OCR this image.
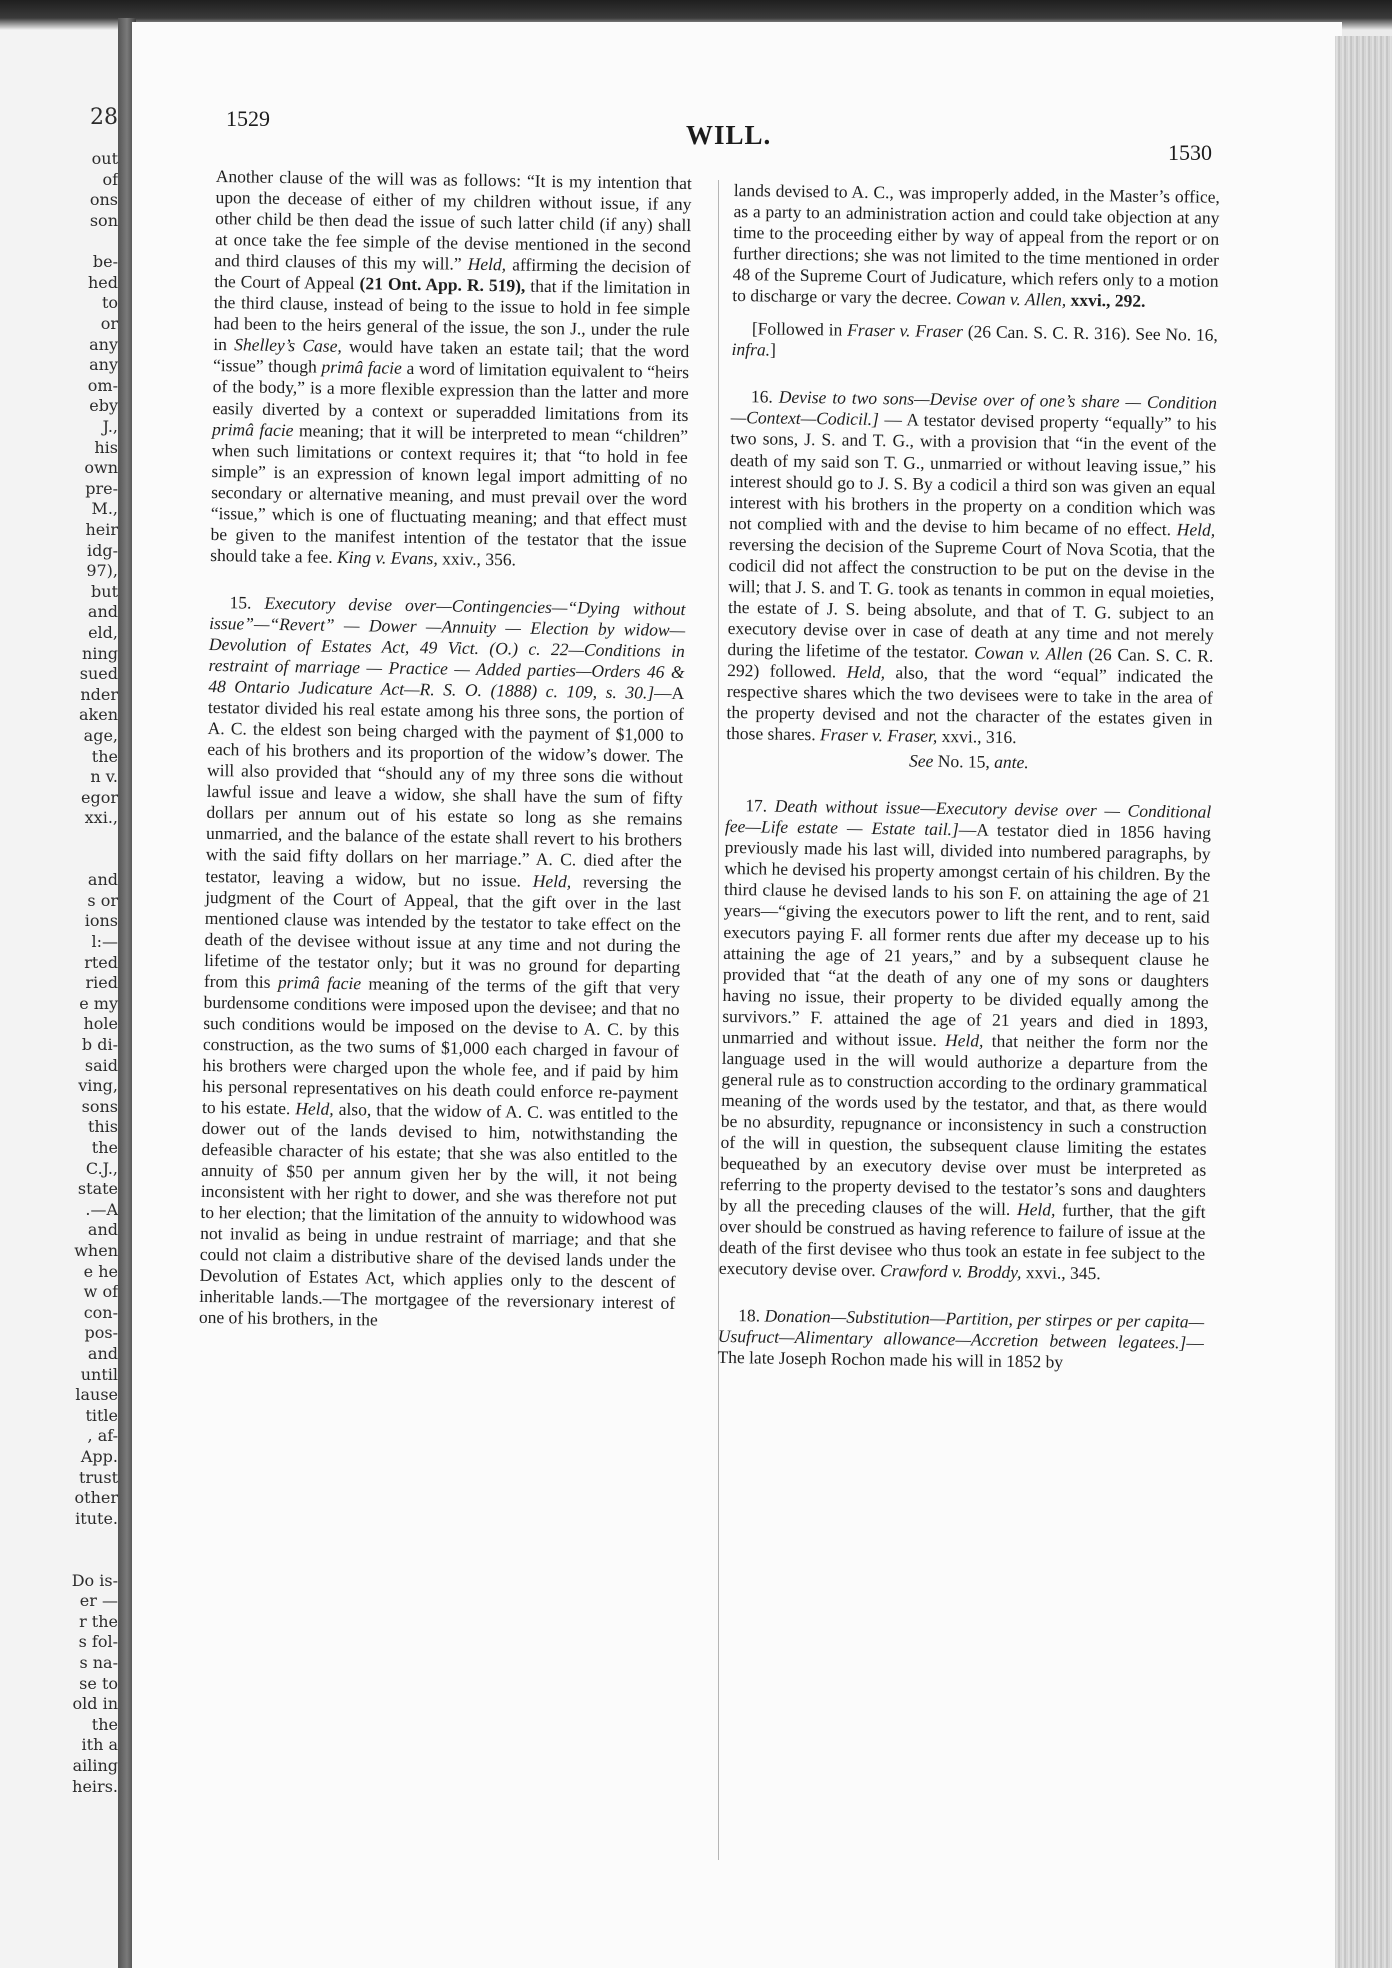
28
out
of
ons
son
be-
hed
to
or
any
any
om-
eby
J.,
his
own
pre-
M.,
heir
idg-
97),
but
and
eld,
ning
sued
nder
aken
age,
the
n v.
egor
xxi.,
and
s or
ions
l:—
rted
ried
e my
hole
b di-
said
ving,
sons
this
the
C.J.,
state
.—A
and
when
e he
w of
con-
pos-
and
until
lause
title
, af-
App.
trust
other
itute.
Do is-
er —
r the
s fol-
s na-
se to
old in
the
ith a
ailing
heirs.
1529
WILL.
1530

Another clause of the will was as follows: “It is my intention that upon the decease of either of my children without issue, if any other child be then dead the issue of such latter child (if any) shall at once take the fee simple of the devise mentioned in the second and third clauses of this my will.” Held, affirming the decision of the Court of Appeal (21 Ont. App. R. 519), that if the limitation in the third clause, instead of being to the issue to hold in fee simple had been to the heirs general of the issue, the son J., under the rule in Shelley’s Case, would have taken an estate tail; that the word “issue” though primâ facie a word of limitation equivalent to “heirs of the body,” is a more flexible expression than the latter and more easily diverted by a context or superadded limitations from its primâ facie meaning; that it will be interpreted to mean “children” when such limitations or context requires it; that “to hold in fee simple” is an expression of known legal import admitting of no secondary or alternative meaning, and must prevail over the word “issue,” which is one of fluctuating meaning; and that effect must be given to the manifest intention of the testator that the issue should take a fee. King v. Evans, xxiv., 356.

15. Executory devise over—Contingencies—“Dying without issue”—“Revert” — Dower —Annuity — Election by widow—Devolution of Estates Act, 49 Vict. (O.) c. 22—Conditions in restraint of marriage — Practice — Added parties—Orders 46 & 48 Ontario Judicature Act—R. S. O. (1888) c. 109, s. 30.]—A testator divided his real estate among his three sons, the portion of A. C. the eldest son being charged with the payment of $1,000 to each of his brothers and its proportion of the widow’s dower. The will also provided that “should any of my three sons die without lawful issue and leave a widow, she shall have the sum of fifty dollars per annum out of his estate so long as she remains unmarried, and the balance of the estate shall revert to his brothers with the said fifty dollars on her marriage.” A. C. died after the testator, leaving a widow, but no issue. Held, reversing the judgment of the Court of Appeal, that the gift over in the last mentioned clause was intended by the testator to take effect on the death of the devisee without issue at any time and not during the lifetime of the testator only; but it was no ground for departing from this primâ facie meaning of the terms of the gift that very burdensome conditions were imposed upon the devisee; and that no such conditions would be imposed on the devise to A. C. by this construction, as the two sums of $1,000 each charged in favour of his brothers were charged upon the whole fee, and if paid by him his personal representatives on his death could enforce re-payment to his estate. Held, also, that the widow of A. C. was entitled to the dower out of the lands devised to him, notwithstanding the defeasible character of his estate; that she was also entitled to the annuity of $50 per annum given her by the will, it not being inconsistent with her right to dower, and she was therefore not put to her election; that the limitation of the annuity to widowhood was not invalid as being in undue restraint of marriage; and that she could not claim a distributive share of the devised lands under the Devolution of Estates Act, which applies only to the descent of inheritable lands.—The mortgagee of the reversionary interest of one of his brothers, in the

lands devised to A. C., was improperly added, in the Master’s office, as a party to an administration action and could take objection at any time to the proceeding either by way of appeal from the report or on further directions; she was not limited to the time mentioned in order 48 of the Supreme Court of Judicature, which refers only to a motion to discharge or vary the decree. Cowan v. Allen, xxvi., 292.

[Followed in Fraser v. Fraser (26 Can. S. C. R. 316). See No. 16, infra.]

16. Devise to two sons—Devise over of one’s share — Condition—Context—Codicil.] — A testator devised property “equally” to his two sons, J. S. and T. G., with a provision that “in the event of the death of my said son T. G., unmarried or without leaving issue,” his interest should go to J. S. By a codicil a third son was given an equal interest with his brothers in the property on a condition which was not complied with and the devise to him became of no effect. Held, reversing the decision of the Supreme Court of Nova Scotia, that the codicil did not affect the construction to be put on the devise in the will; that J. S. and T. G. took as tenants in common in equal moieties, the estate of J. S. being absolute, and that of T. G. subject to an executory devise over in case of death at any time and not merely during the lifetime of the testator. Cowan v. Allen (26 Can. S. C. R. 292) followed. Held, also, that the word “equal” indicated the respective shares which the two devisees were to take in the area of the property devised and not the character of the estates given in those shares. Fraser v. Fraser, xxvi., 316.

See No. 15, ante.

17. Death without issue—Executory devise over — Conditional fee—Life estate — Estate tail.]—A testator died in 1856 having previously made his last will, divided into numbered paragraphs, by which he devised his property amongst certain of his children. By the third clause he devised lands to his son F. on attaining the age of 21 years—“giving the executors power to lift the rent, and to rent, said executors paying F. all former rents due after my decease up to his attaining the age of 21 years,” and by a subsequent clause he provided that “at the death of any one of my sons or daughters having no issue, their property to be divided equally among the survivors.” F. attained the age of 21 years and died in 1893, unmarried and without issue. Held, that neither the form nor the language used in the will would authorize a departure from the general rule as to construction according to the ordinary grammatical meaning of the words used by the testator, and that, as there would be no absurdity, repugnance or inconsistency in such a construction of the will in question, the subsequent clause limiting the estates bequeathed by an executory devise over must be interpreted as referring to the property devised to the testator’s sons and daughters by all the preceding clauses of the will. Held, further, that the gift over should be construed as having reference to failure of issue at the death of the first devisee who thus took an estate in fee subject to the executory devise over. Crawford v. Broddy, xxvi., 345.

18. Donation—Substitution—Partition, per stirpes or per capita—Usufruct—Alimentary allowance—Accretion between legatees.]—The late Joseph Rochon made his will in 1852 by
